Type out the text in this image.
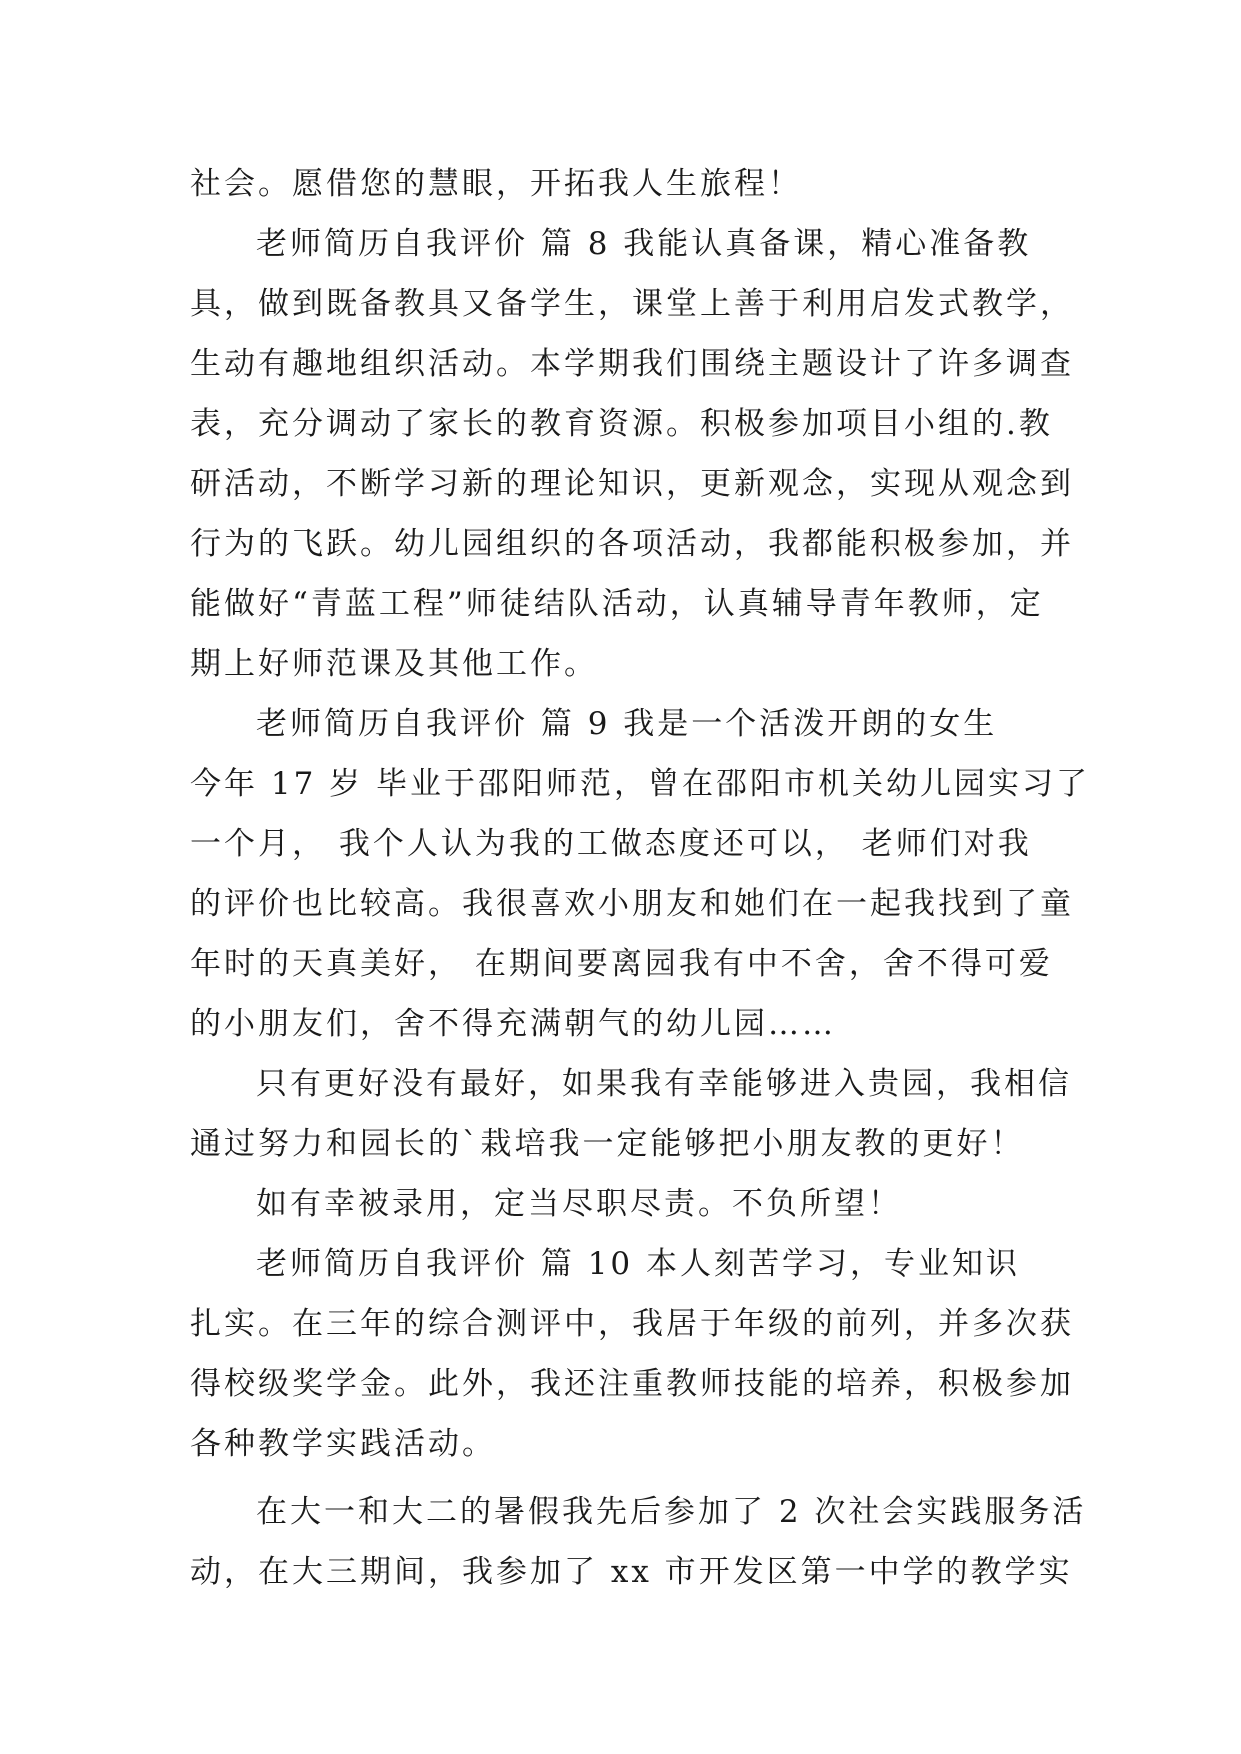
社会。愿借您的慧眼，开拓我人生旅程！
老师简历自我评价 篇 8 我能认真备课，精心准备教
具，做到既备教具又备学生，课堂上善于利用启发式教学，
生动有趣地组织活动。本学期我们围绕主题设计了许多调查
表，充分调动了家长的教育资源。积极参加项目小组的.教
研活动，不断学习新的理论知识，更新观念，实现从观念到
行为的飞跃。幼儿园组织的各项活动，我都能积极参加，并
能做好“青蓝工程”师徒结队活动，认真辅导青年教师，定
期上好师范课及其他工作。
老师简历自我评价 篇 9 我是一个活泼开朗的女生
今年 17 岁 毕业于邵阳师范，曾在邵阳市机关幼儿园实习了
一个月， 我个人认为我的工做态度还可以， 老师们对我
的评价也比较高。我很喜欢小朋友和她们在一起我找到了童
年时的天真美好， 在期间要离园我有中不舍，舍不得可爱
的小朋友们，舍不得充满朝气的幼儿园……
只有更好没有最好，如果我有幸能够进入贵园，我相信
通过努力和园长的`栽培我一定能够把小朋友教的更好！
如有幸被录用，定当尽职尽责。不负所望！
老师简历自我评价 篇 10 本人刻苦学习，专业知识
扎实。在三年的综合测评中，我居于年级的前列，并多次获
得校级奖学金。此外，我还注重教师技能的培养，积极参加
各种教学实践活动。
在大一和大二的暑假我先后参加了 2 次社会实践服务活
动，在大三期间，我参加了 xx 市开发区第一中学的教学实
